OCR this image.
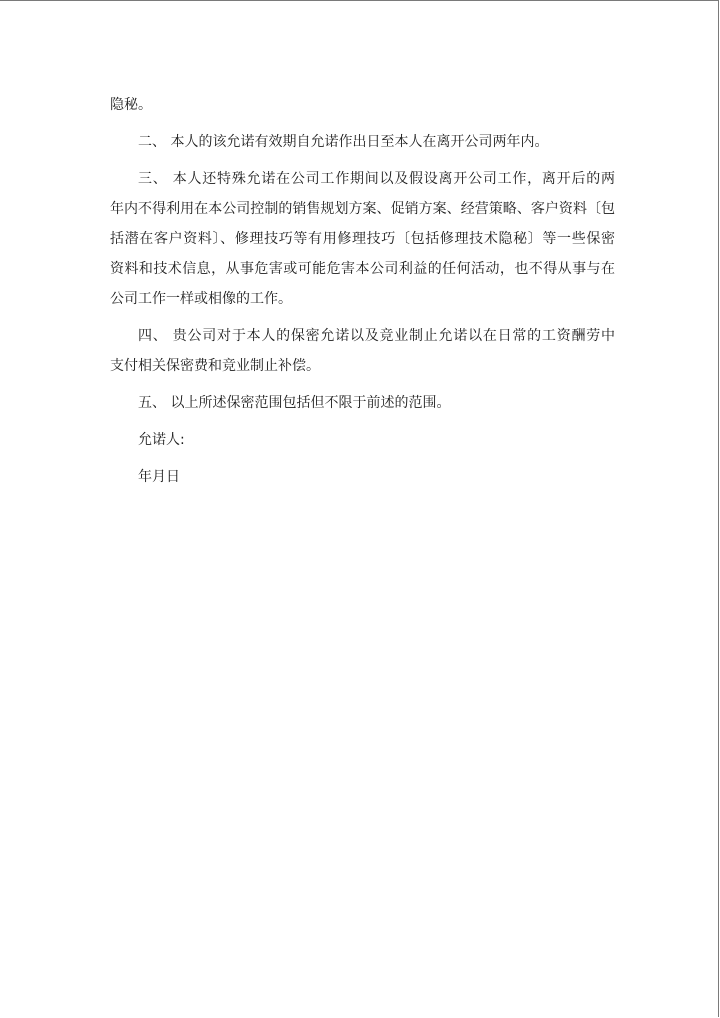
隐秘。

二、 本人的该允诺有效期自允诺作出日至本人在离开公司两年内。

三、 本人还特殊允诺在公司工作期间以及假设离开公司工作，离开后的两

年内不得利用在本公司控制的销售规划方案、促销方案、经营策略、客户资料〔包

括潜在客户资料〕、修理技巧等有用修理技巧〔包括修理技术隐秘〕等一些保密

资料和技术信息，从事危害或可能危害本公司利益的任何活动，也不得从事与在

公司工作一样或相像的工作。

四、 贵公司对于本人的保密允诺以及竞业制止允诺以在日常的工资酬劳中

支付相关保密费和竞业制止补偿。

五、 以上所述保密范围包括但不限于前述的范围。

允诺人:

年月日
